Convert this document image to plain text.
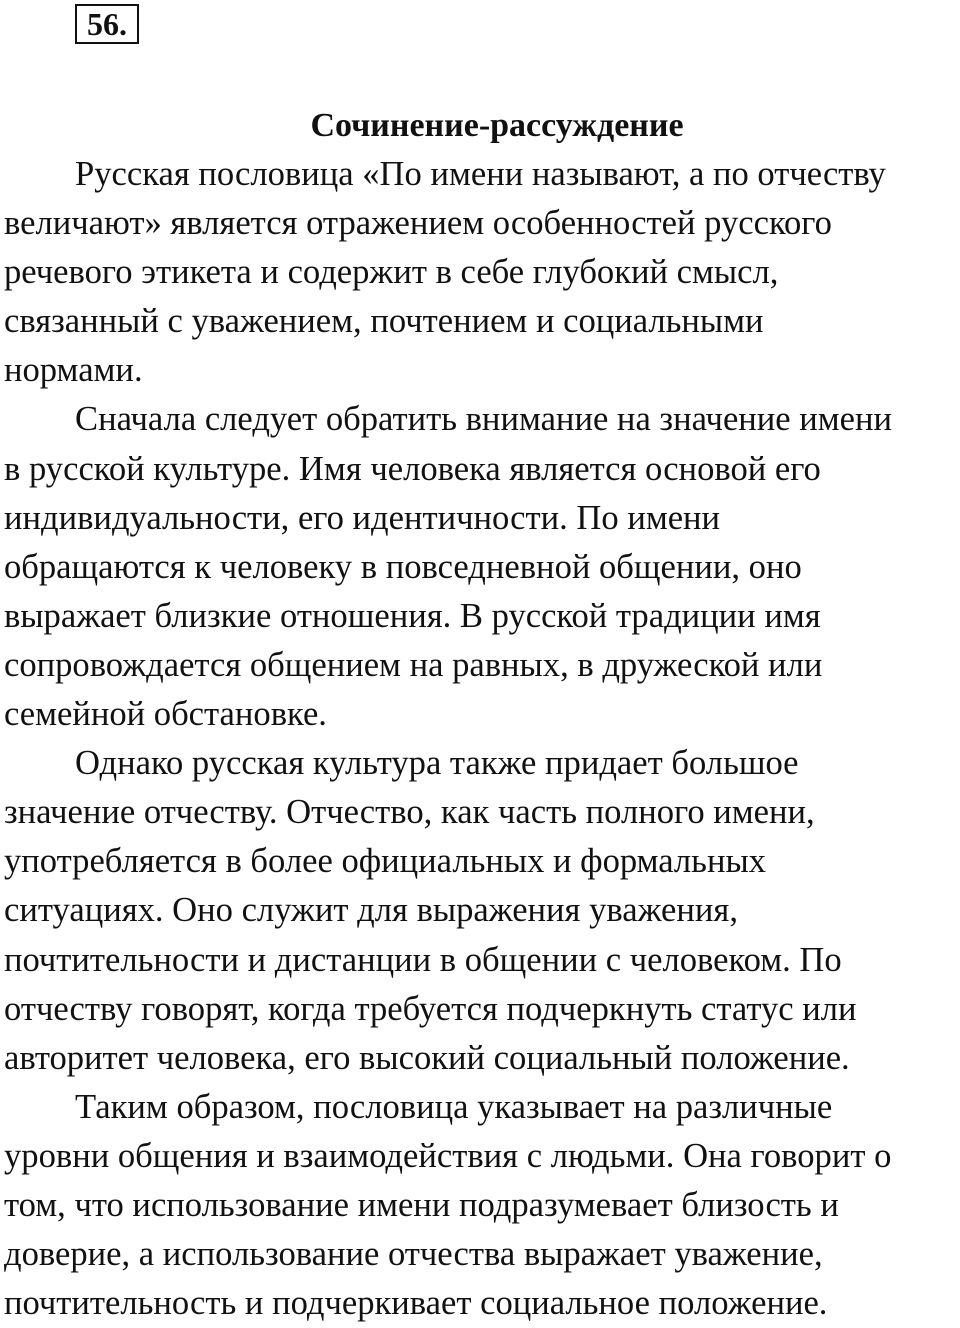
56.
Сочинение-рассуждение

Русская пословица «По имени называют, а по отчеству
величают» является отражением особенностей русского
речевого этикета и содержит в себе глубокий смысл,
связанный с уважением, почтением и социальными
нормами.

Сначала следует обратить внимание на значение имени
в русской культуре. Имя человека является основой его
индивидуальности, его идентичности. По имени
обращаются к человеку в повседневной общении, оно
выражает близкие отношения. В русской традиции имя
сопровождается общением на равных, в дружеской или
семейной обстановке.

Однако русская культура также придает большое
значение отчеству. Отчество, как часть полного имени,
употребляется в более официальных и формальных
ситуациях. Оно служит для выражения уважения,
почтительности и дистанции в общении с человеком. По
отчеству говорят, когда требуется подчеркнуть статус или
авторитет человека, его высокий социальный положение.

Таким образом, пословица указывает на различные
уровни общения и взаимодействия с людьми. Она говорит о
том, что использование имени подразумевает близость и
доверие, а использование отчества выражает уважение,
почтительность и подчеркивает социальное положение.
